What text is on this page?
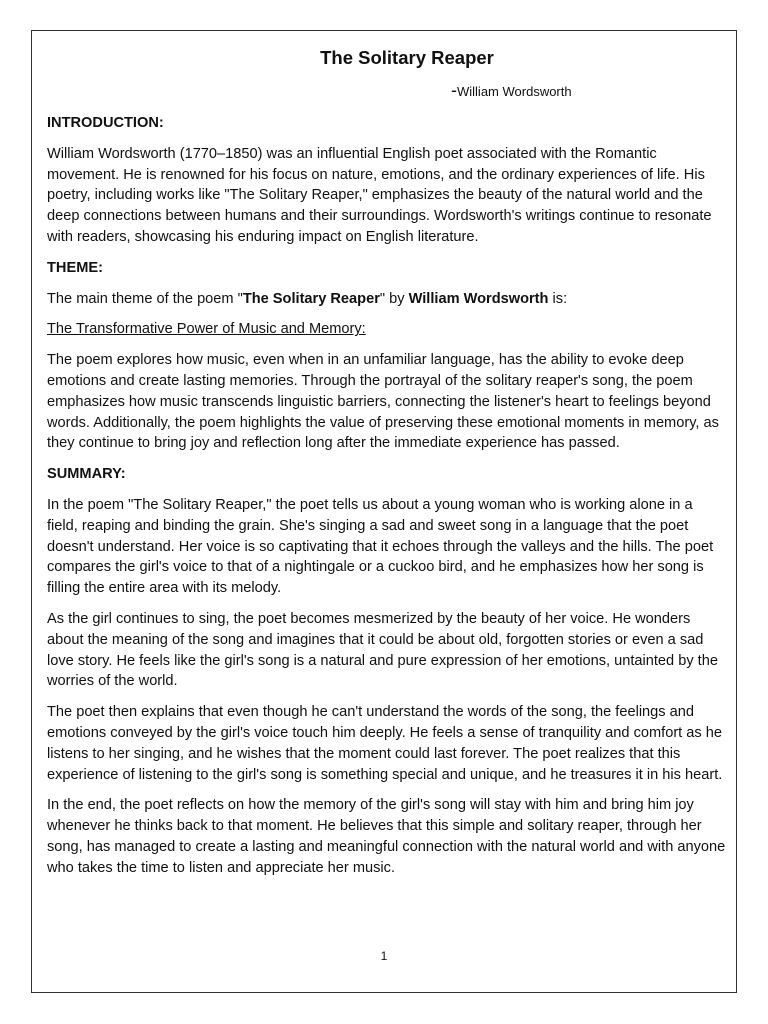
The Solitary Reaper
-William Wordsworth
INTRODUCTION:

William Wordsworth (1770–1850) was an influential English poet associated with the Romantic movement. He is renowned for his focus on nature, emotions, and the ordinary experiences of life. His poetry, including works like "The Solitary Reaper," emphasizes the beauty of the natural world and the deep connections between humans and their surroundings. Wordsworth's writings continue to resonate with readers, showcasing his enduring impact on English literature.

THEME:

The main theme of the poem "The Solitary Reaper" by William Wordsworth is:

The Transformative Power of Music and Memory:

The poem explores how music, even when in an unfamiliar language, has the ability to evoke deep emotions and create lasting memories. Through the portrayal of the solitary reaper's song, the poem emphasizes how music transcends linguistic barriers, connecting the listener's heart to feelings beyond words. Additionally, the poem highlights the value of preserving these emotional moments in memory, as they continue to bring joy and reflection long after the immediate experience has passed.

SUMMARY:

In the poem "The Solitary Reaper," the poet tells us about a young woman who is working alone in a field, reaping and binding the grain. She's singing a sad and sweet song in a language that the poet doesn't understand. Her voice is so captivating that it echoes through the valleys and the hills. The poet compares the girl's voice to that of a nightingale or a cuckoo bird, and he emphasizes how her song is filling the entire area with its melody.

As the girl continues to sing, the poet becomes mesmerized by the beauty of her voice. He wonders about the meaning of the song and imagines that it could be about old, forgotten stories or even a sad love story. He feels like the girl's song is a natural and pure expression of her emotions, untainted by the worries of the world.

The poet then explains that even though he can't understand the words of the song, the feelings and emotions conveyed by the girl's voice touch him deeply. He feels a sense of tranquility and comfort as he listens to her singing, and he wishes that the moment could last forever. The poet realizes that this experience of listening to the girl's song is something special and unique, and he treasures it in his heart.

In the end, the poet reflects on how the memory of the girl's song will stay with him and bring him joy whenever he thinks back to that moment. He believes that this simple and solitary reaper, through her song, has managed to create a lasting and meaningful connection with the natural world and with anyone who takes the time to listen and appreciate her music.

1
